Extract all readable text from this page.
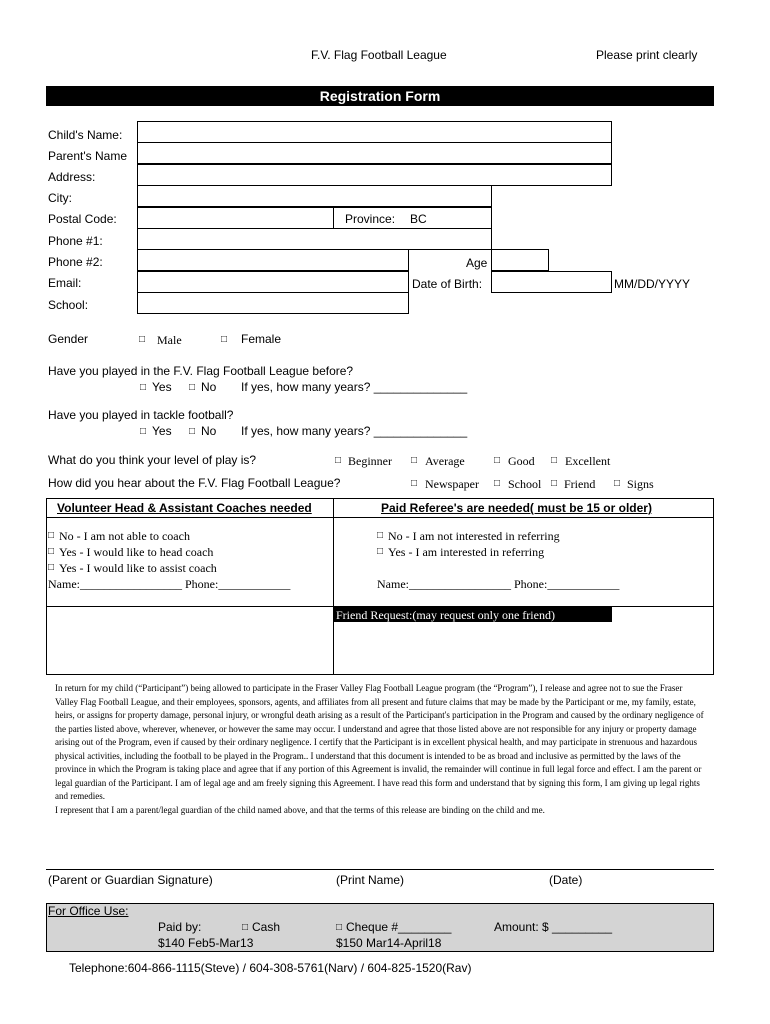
F.V. Flag Football League	Please print clearly
Registration Form
Child's Name:
Parent's Name
Address:
City:
Postal Code:
Phone #1:
Phone #2:
Email:
School:
Province: BC
Age
Date of Birth:	MM/DD/YYYY
Gender	□ Male	□ Female
Have you played in the F.V. Flag Football League before?
□ Yes □ No If yes, how many years? ______________
Have you played in tackle football?
□ Yes □ No If yes, how many years? ______________
What do you think your level of play is?	□ Beginner □ Average	□ Good □ Excellent
How did you hear about the F.V. Flag Football League?	□ Newspaper □ School □ Friend □ Signs
Volunteer Head & Assistant Coaches needed	Paid Referee's are needed( must be 15 or older)
□ No - I am not able to coach
□ Yes - I would like to head coach
□ Yes - I would like to assist coach
Name:_________________ Phone:____________
□ No - I am not interested in referring
□ Yes - I am interested in referring
Name:_________________ Phone:____________
Friend Request:(may request only one friend)

In return for my child (“Participant”) being allowed to participate in the Fraser Valley Flag Football League program (the “Program”), I release and agree not to sue the Fraser Valley Flag Football League, and their employees, sponsors, agents, and affiliates from all present and future claims that may be made by the Participant or me, my family, estate, heirs, or assigns for property damage, personal injury, or wrongful death arising as a result of the Participant's participation in the Program and caused by the ordinary negligence of the parties listed above, wherever, whenever, or however the same may occur. I understand and agree that those listed above are not responsible for any injury or property damage arising out of the Program, even if caused by their ordinary negligence. I certify that the Participant is in excellent physical health, and may participate in strenuous and hazardous physical activities, including the football to be played in the Program.. I understand that this document is intended to be as broad and inclusive as permitted by the laws of the province in which the Program is taking place and agree that if any portion of this Agreement is invalid, the remainder will continue in full legal force and effect. I am the parent or legal guardian of the Participant. I am of legal age and am freely signing this Agreement. I have read this form and understand that by signing this form, I am giving up legal rights and remedies.

I represent that I am a parent/legal guardian of the child named above, and that the terms of this release are binding on the child and me.

(Parent or Guardian Signature)	(Print Name)	(Date)
For Office Use:
Paid by:	□ Cash	□ Cheque #________	Amount: $ _________
$140 Feb5-Mar13	$150 Mar14-April18
Telephone:604-866-1115(Steve) / 604-308-5761(Narv) / 604-825-1520(Rav)
